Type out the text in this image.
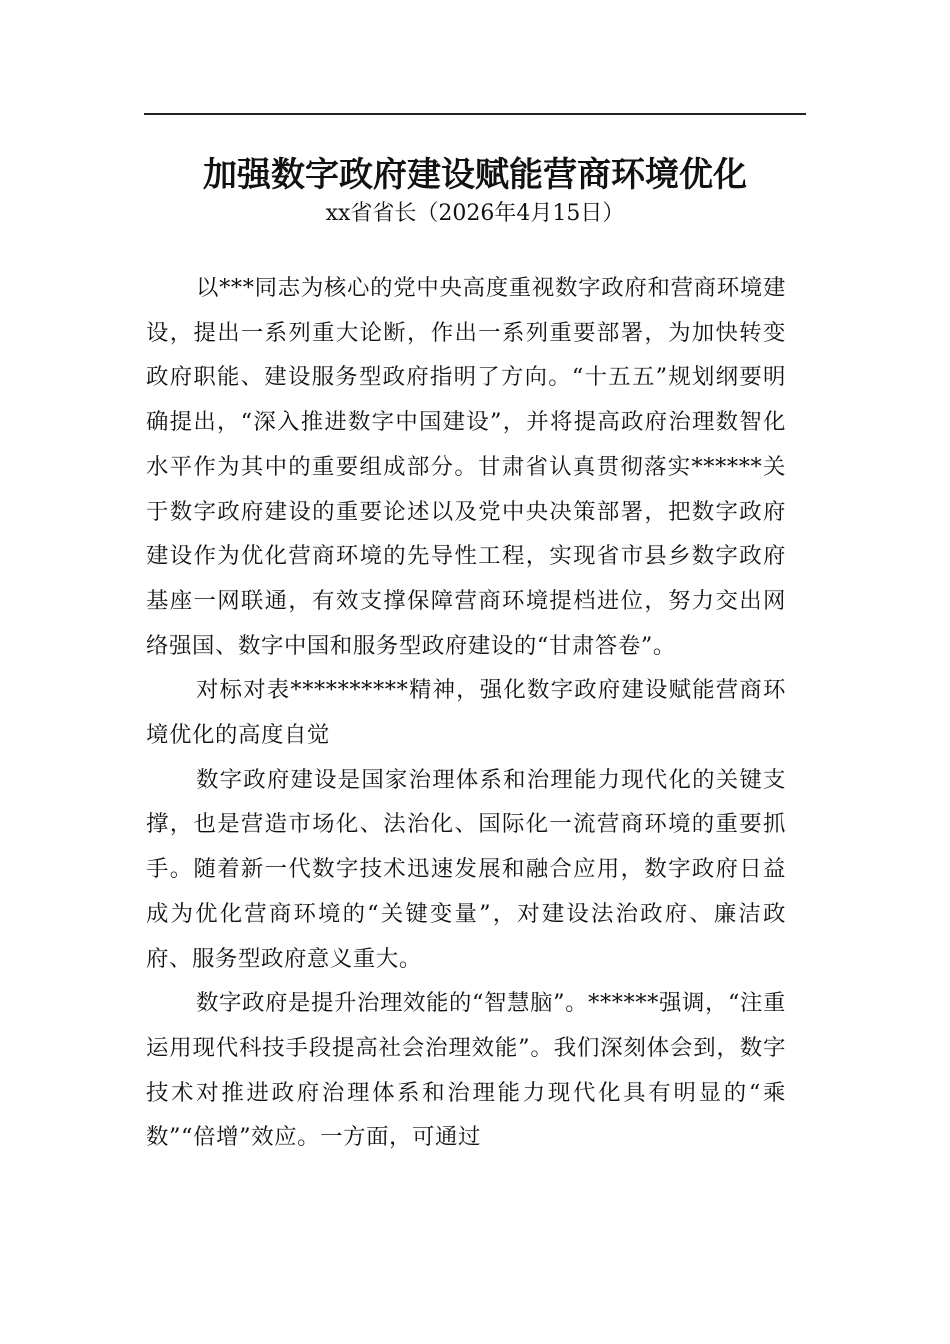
加强数字政府建设赋能营商环境优化
xx省省长（2026年4月15日）

以***同志为核心的党中央高度重视数字政府和营商环境建设，提出一系列重大论断，作出一系列重要部署，为加快转变政府职能、建设服务型政府指明了方向。“十五五”规划纲要明确提出，“深入推进数字中国建设”，并将提高政府治理数智化水平作为其中的重要组成部分。甘肃省认真贯彻落实******关于数字政府建设的重要论述以及党中央决策部署，把数字政府建设作为优化营商环境的先导性工程，实现省市县乡数字政府基座一网联通，有效支撑保障营商环境提档进位，努力交出网络强国、数字中国和服务型政府建设的“甘肃答卷”。

对标对表**********精神，强化数字政府建设赋能营商环境优化的高度自觉

数字政府建设是国家治理体系和治理能力现代化的关键支撑，也是营造市场化、法治化、国际化一流营商环境的重要抓手。随着新一代数字技术迅速发展和融合应用，数字政府日益成为优化营商环境的“关键变量”，对建设法治政府、廉洁政府、服务型政府意义重大。

数字政府是提升治理效能的“智慧脑”。******强调，“注重运用现代科技手段提高社会治理效能”。我们深刻体会到，数字技术对推进政府治理体系和治理能力现代化具有明显的“乘数”“倍增”效应。一方面，可通过
